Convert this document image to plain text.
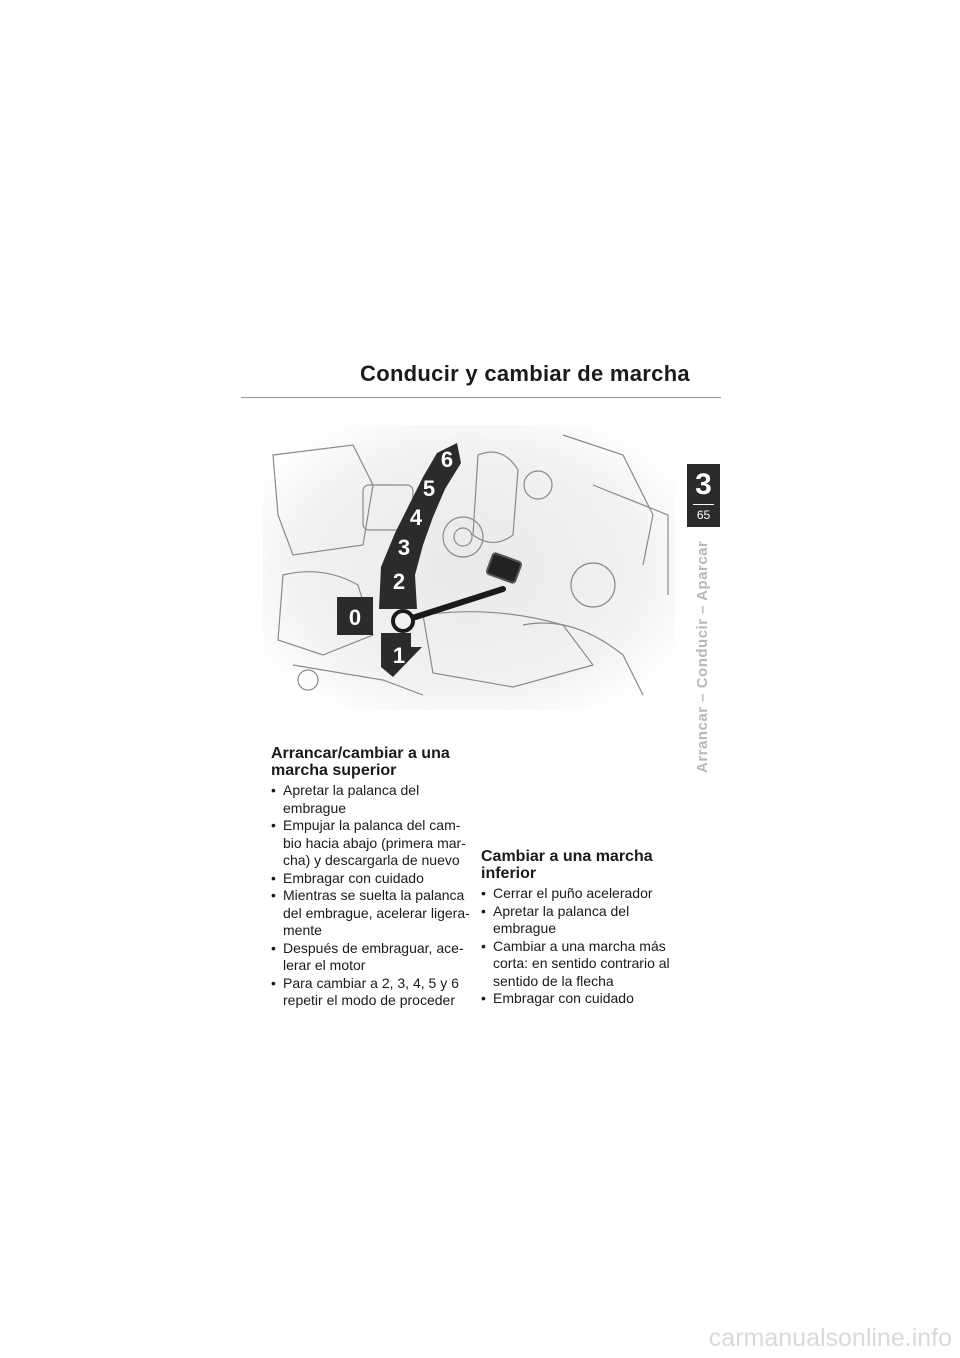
Conducir y cambiar de marcha
3
65
Arrancar – Conducir – Aparcar
0
1
2
3
4
5
6
Arrancar/cambiar a una marcha superior
• Apretar la palanca del embrague
• Empujar la palanca del cam-bio hacia abajo (primera mar-cha) y descargarla de nuevo
• Embragar con cuidado
• Mientras se suelta la palanca del embrague, acelerar ligera-mente
• Después de embraguar, ace-lerar el motor
• Para cambiar a 2, 3, 4, 5 y 6 repetir el modo de proceder
Cambiar a una marcha inferior
• Cerrar el puño acelerador
• Apretar la palanca del embrague
• Cambiar a una marcha más corta: en sentido contrario al sentido de la flecha
• Embragar con cuidado
carmanualsonline.info
